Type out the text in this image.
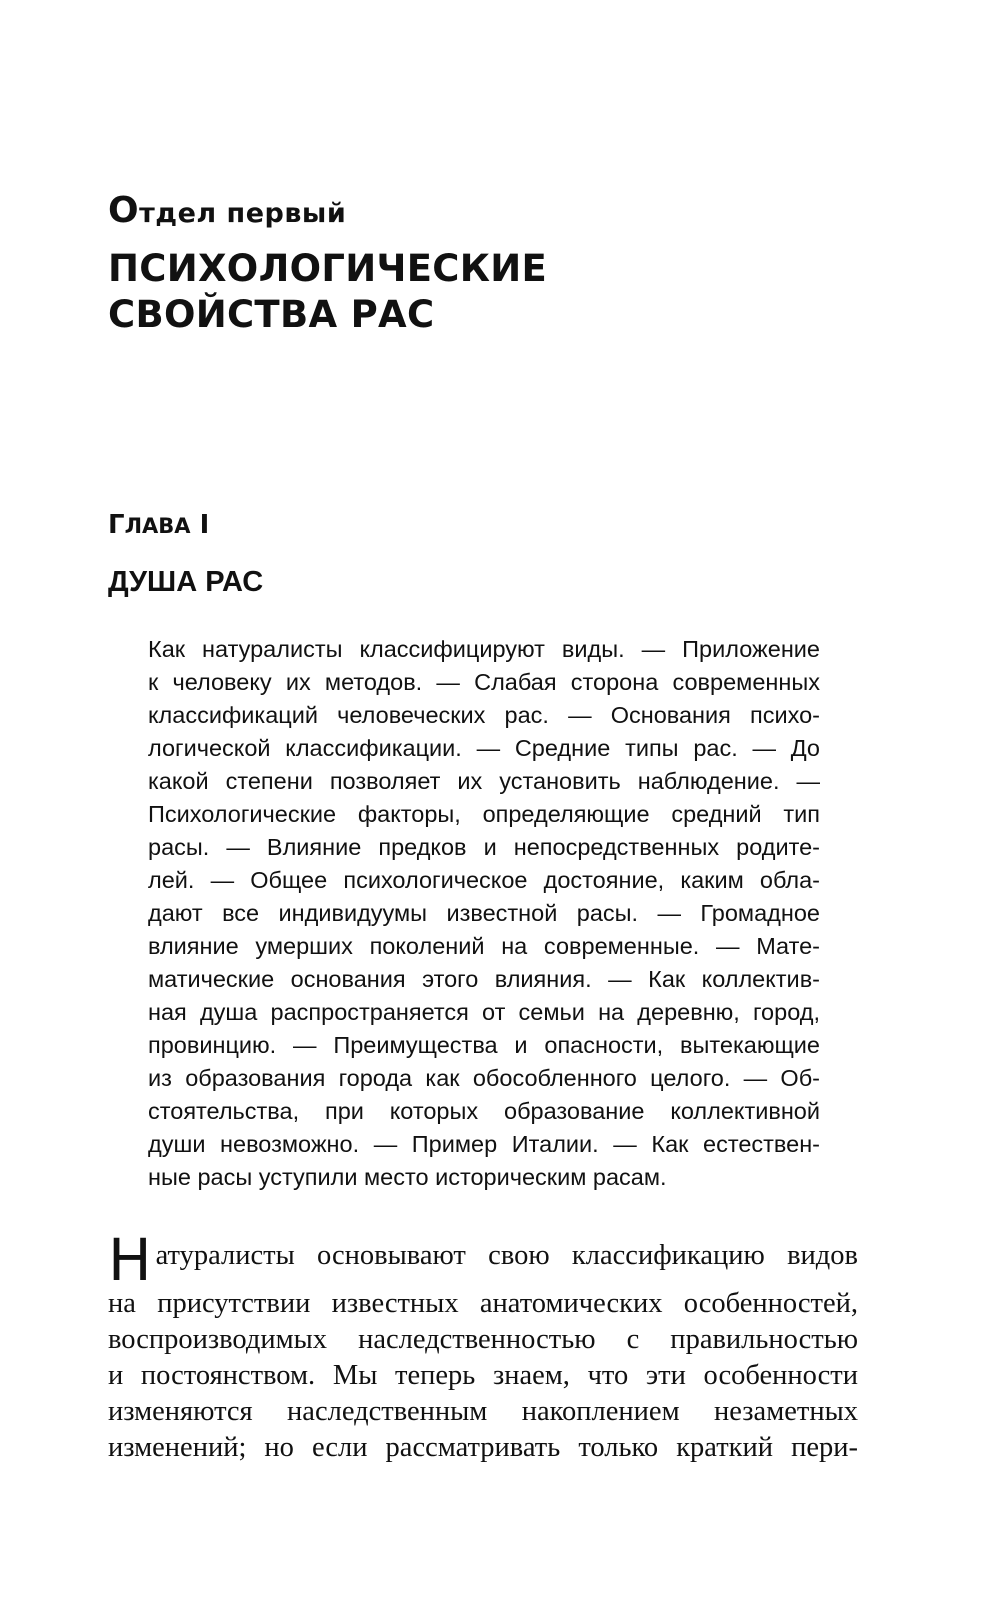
Отдел первый
ПСИХОЛОГИЧЕСКИЕ
СВОЙСТВА РАС
ГЛАВА I
ДУША РАС
Как натуралисты классифицируют виды. — Приложение
к человеку их методов. — Слабая сторона современных
классификаций человеческих рас. — Основания психо-
логической классификации. — Средние типы рас. — До
какой степени позволяет их установить наблюдение. —
Психологические факторы, определяющие средний тип
расы. — Влияние предков и непосредственных родите-
лей. — Общее психологическое достояние, каким обла-
дают все индивидуумы известной расы. — Громадное
влияние умерших поколений на современные. — Мате-
матические основания этого влияния. — Как коллектив-
ная душа распространяется от семьи на деревню, город,
провинцию. — Преимущества и опасности, вытекающие
из образования города как обособленного целого. — Об-
стоятельства, при которых образование коллективной
души невозможно. — Пример Италии. — Как естествен-
ные расы уступили место историческим расам.
Н атуралисты основывают свою классификацию видов
на присутствии известных анатомических особенностей,
воспроизводимых наследственностью с правильностью
и постоянством. Мы теперь знаем, что эти особенности
изменяются наследственным накоплением незаметных
изменений; но если рассматривать только краткий пери-
